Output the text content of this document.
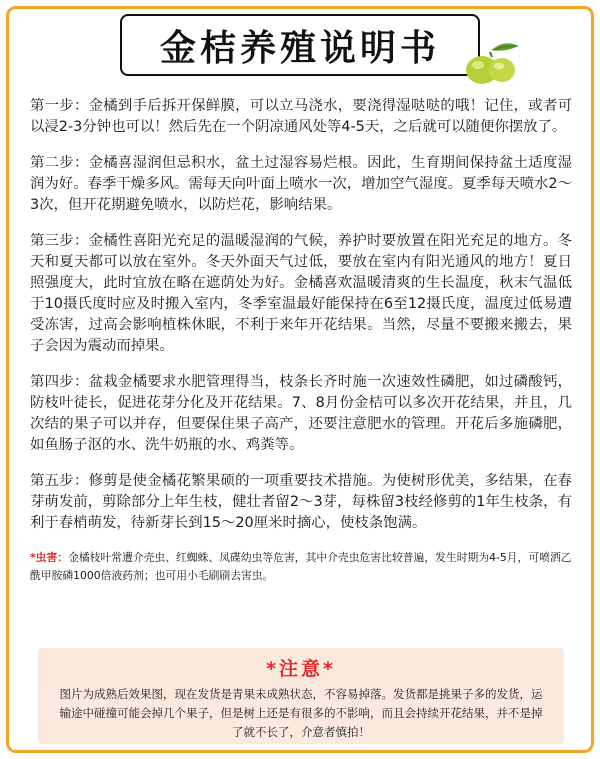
金桔养殖说明书

第一步：金橘到手后拆开保鲜膜，可以立马浇水，要浇得湿哒哒的哦！记住，或者可以浸2-3分钟也可以！然后先在一个阴凉通风处等4-5天，之后就可以随便你摆放了。

第二步：金橘喜湿润但忌积水，盆土过湿容易烂根。因此，生育期间保持盆土适度湿润为好。春季干燥多风。需每天向叶面上喷水一次，增加空气湿度。夏季每天喷水2～3次，但开花期避免喷水，以防烂花，影响结果。

第三步：金橘性喜阳光充足的温暖湿润的气候，养护时要放置在阳光充足的地方。冬天和夏天都可以放在室外。冬天外面天气过低，要放在室内有阳光通风的地方！夏日照强度大，此时宜放在略在遮荫处为好。金橘喜欢温暖清爽的生长温度，秋末气温低于10摄氏度时应及时搬入室内，冬季室温最好能保持在6至12摄氏度，温度过低易遭受冻害，过高会影响植株休眠，不利于来年开花结果。当然，尽量不要搬来搬去，果子会因为震动而掉果。

第四步：盆栽金橘要求水肥管理得当，枝条长齐时施一次速效性磷肥，如过磷酸钙，防枝叶徒长，促进花芽分化及开花结果。7、8月份金桔可以多次开花结果，并且，几次结的果子可以并存，但要保住果子高产，还要注意肥水的管理。开花后多施磷肥，如鱼肠子沤的水、洗牛奶瓶的水、鸡粪等。

第五步：修剪是使金橘花繁果硕的一项重要技术措施。为使树形优美，多结果，在春芽萌发前，剪除部分上年生枝，健壮者留2～3芽，每株留3枝经修剪的1年生枝条，有利于春梢萌发，待新芽长到15～20厘米时摘心，使枝条饱满。

*虫害：金橘枝叶常遭介壳虫、红蜘蛛、凤碟幼虫等危害，其中介壳虫危害比较普遍，发生时期为4-5月，可喷洒乙酰甲胺磷1000倍液药剂；也可用小毛刷刷去害虫。

*注意*
图片为成熟后效果图，现在发货是青果未成熟状态，不容易掉落。发货都是挑果子多的发货，运输途中碰撞可能会掉几个果子，但是树上还是有很多的不影响，而且会持续开花结果，并不是掉了就不长了，介意者慎拍！
